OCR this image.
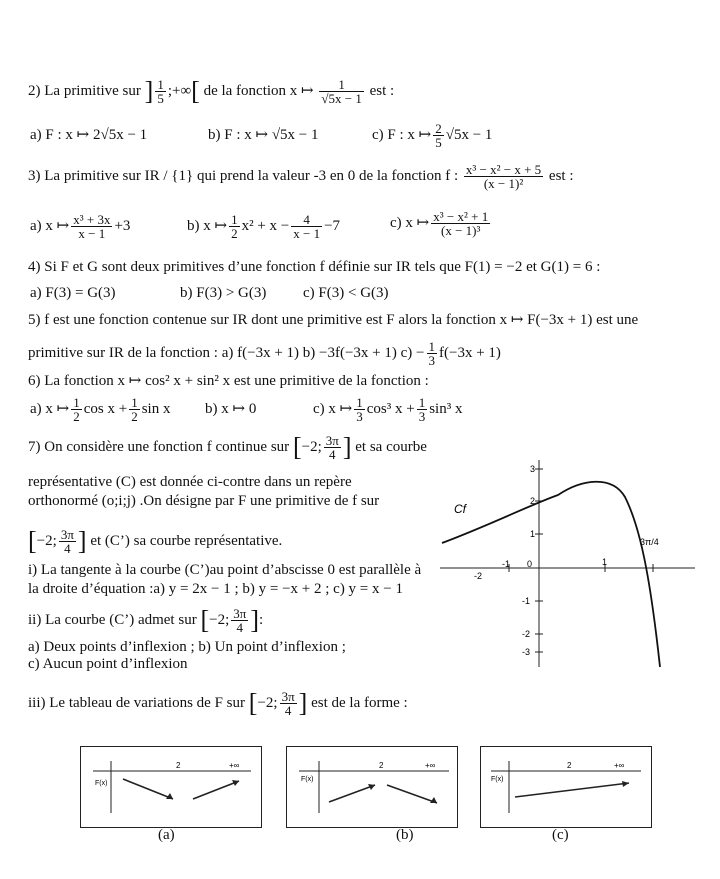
2) La primitive sur ] $\frac{1}{5}$ ;+∞[ de la fonction x ↦ $\frac{1}{√5x - 1}$ est :
a) F : x ↦ 2√5x − 1	b) F : x ↦ √5x − 1	c) F : x ↦ $\frac{2}{5} √5x - 1$
3) La primitive sur IR / {1} qui prend la valeur -3 en 0 de la fonction f : $\frac{\text{x³ − x² − x + 5}}{\text{(x − 1)²}}$ est :
a) x ↦ $\frac{\text{x³ + 3x}}{x - 1} +3$	b) x ↦ $\frac{1}{2} x^2 + x - \frac{4}{x - 1} -7$	c) x ↦ $\frac{\text{x³ − x² + 1}}{\text{(x − 1)³}}$
4) Si F et G sont deux primitives d’une fonction f définie sur IR tels que F(1) = −2 et G(1) = 6 :
a) F(3) = G(3)	b) F(3) > G(3) c) F(3) < G(3)
5) f est une fonction contenue sur IR dont une primitive est F alors la fonction x ↦ F(−3x + 1) est une
primitive sur IR de la fonction : a) f(−3x + 1) b) −3f(−3x + 1) $c) - \frac{1}{3} f(-3x + 1)$
6) La fonction x ↦ cos² x + sin² x est une primitive de la fonction :
a) x ↦ $\frac{1}{2}$ $\cos x + \frac{1}{2}$ sin x b) x ↦ 0	c) x ↦ $\frac{1}{3} \cos^3$ $x + \frac{1}{3} \sin^3$ x
7) On considère une fonction f continue sur [−2; $\frac{3\pi}{4}$ ] et sa courbe
représentative (C) est donnée ci-contre dans un repère
orthonormé (o;i;j) .On désigne par F une primitive de f sur
[−2; $\frac{3\pi}{4}$ ] et (C’) sa courbe représentative.
i) La tangente à la courbe (C’)au point d’abscisse 0 est parallèle à
la droite d’équation :a) y = 2x − 1 ; b) y = −x + 2 ; c) y = x − 1
ii) La courbe (C’) admet sur [−2; $\frac{3\pi}{4}$ ]:
a) Deux points d’inflexion ; b) Un point d’inflexion ;
c) Aucun point d’inflexion
iii) Le tableau de variations de F sur [−2; $\frac{3\pi}{4}$ ] est de la forme :
Cf
-2
-1 0	1
3π/4
3
2
1
-1
-2
-3
2	+∞
F(x)
(a)
2	+∞
F(x)
(b)
2	+∞
F(x)
(c)
